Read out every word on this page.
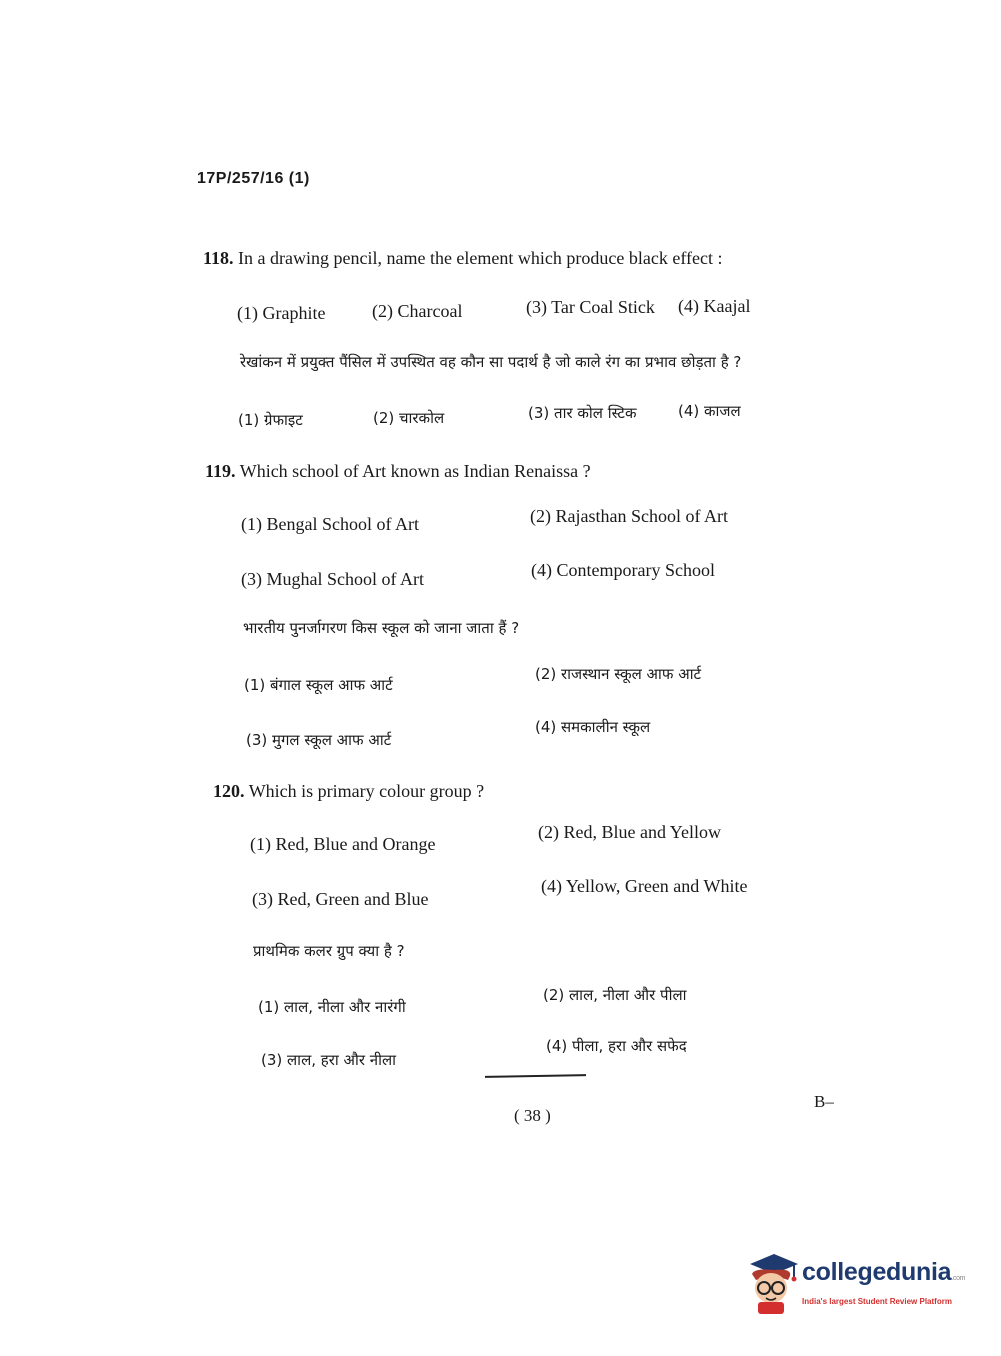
17P/257/16 (1)
118. In a drawing pencil, name the element which produce black effect :
(1) Graphite	(2) Charcoal	(3) Tar Coal Stick (4) Kaajal
रेखांकन में प्रयुक्त पैंसिल में उपस्थित वह कौन सा पदार्थ है जो काले रंग का प्रभाव छोड़ता है ?
(1) ग्रेफाइट	(2) चारकोल	(3) तार कोल स्टिक	(4) काजल
119. Which school of Art known as Indian Renaissa ?
(1) Bengal School of Art	(2) Rajasthan School of Art
(3) Mughal School of Art	(4) Contemporary School
भारतीय पुनर्जागरण किस स्कूल को जाना जाता हैं ?
(1) बंगाल स्कूल आफ आर्ट
(2) राजस्थान स्कूल आफ आर्ट
(3) मुगल स्कूल आफ आर्ट
(4) समकालीन स्कूल
120. Which is primary colour group ?
(1) Red, Blue and Orange
(2) Red, Blue and Yellow
(3) Red, Green and Blue
(4) Yellow, Green and White
प्राथमिक कलर ग्रुप क्या है ?
(1) लाल, नीला और नारंगी
(2) लाल, नीला और पीला
(3) लाल, हरा और नीला
(4) पीला, हरा और सफेद
( 38 )
B–
collegedunia.com
India's largest Student Review Platform
